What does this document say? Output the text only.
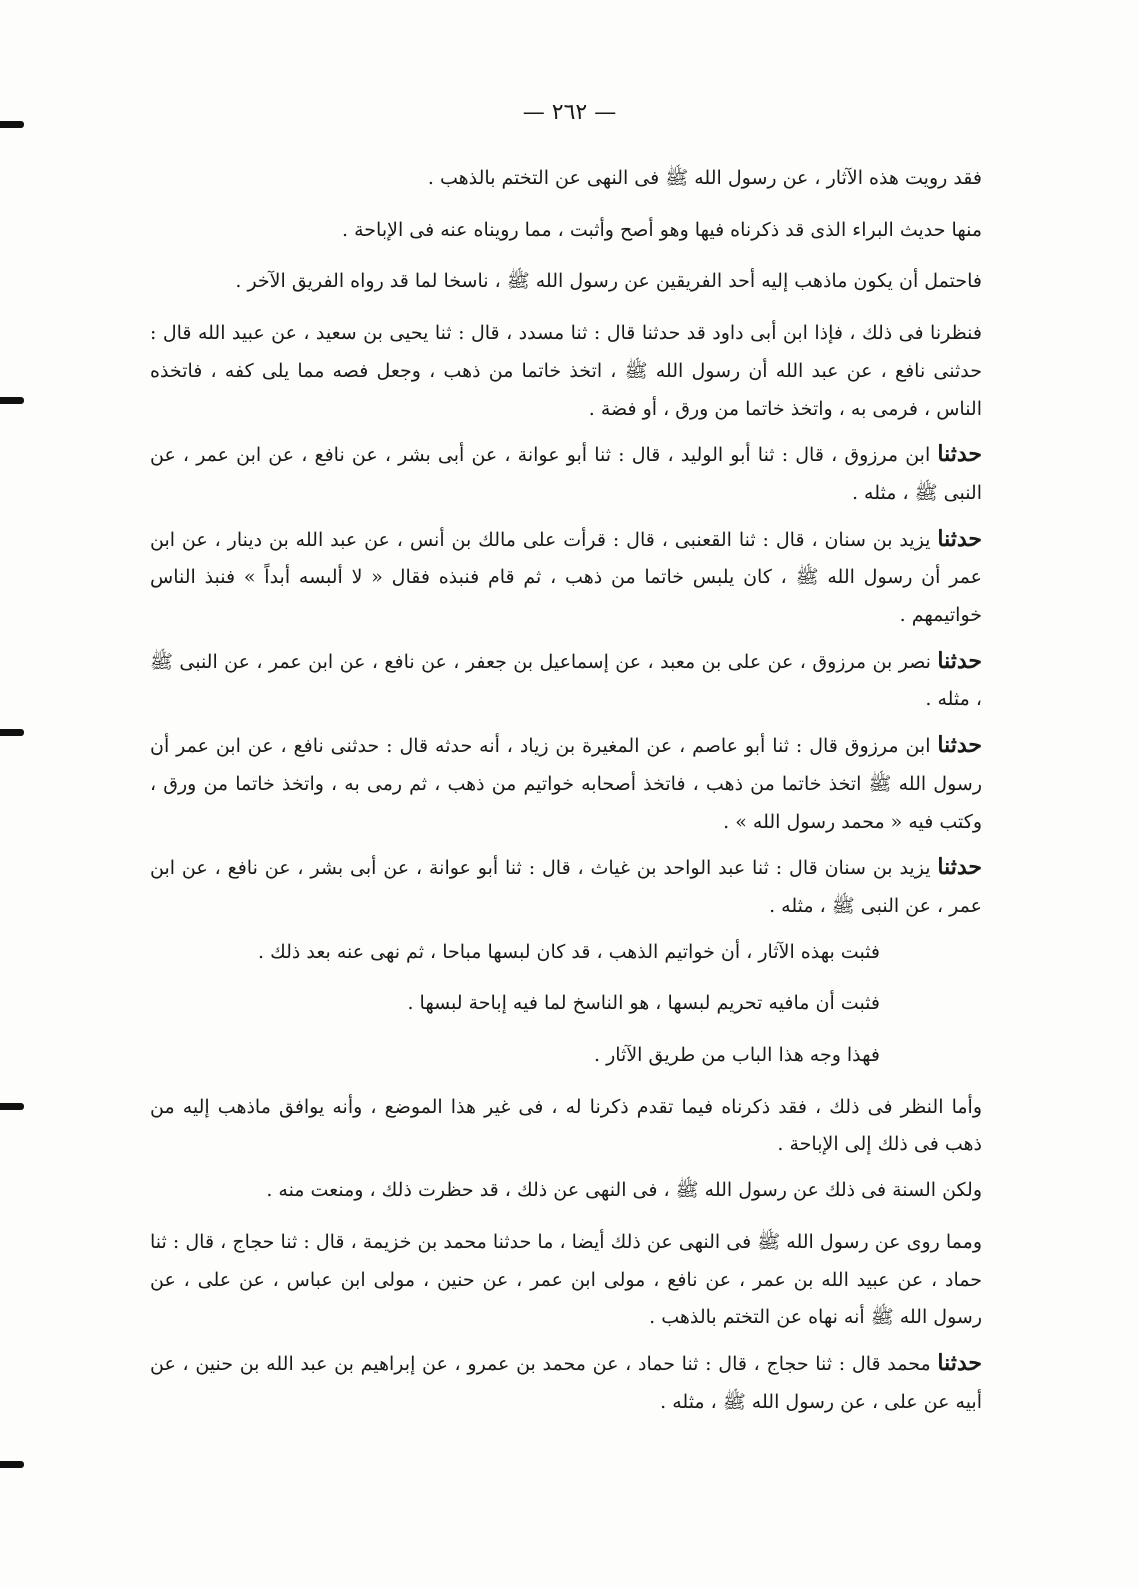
— ٢٦٢ —

فقد رويت هذه الآثار ، عن رسول الله ﷺ فى النهى عن التختم بالذهب .

منها حديث البراء الذى قد ذكرناه فيها وهو أصح وأثبت ، مما رويناه عنه فى الإباحة .

فاحتمل أن يكون ماذهب إليه أحد الفريقين عن رسول الله ﷺ ، ناسخا لما قد رواه الفريق الآخر .

فنظرنا فى ذلك ، فإذا ابن أبى داود قد حدثنا قال : ثنا مسدد ، قال : ثنا يحيى بن سعيد ، عن عبيد الله قال : حدثنى نافع ، عن عبد الله أن رسول الله ﷺ ، اتخذ خاتما من ذهب ، وجعل فصه مما يلى كفه ، فاتخذه الناس ، فرمى به ، واتخذ خاتما من ورق ، أو فضة .

حدثنا ابن مرزوق ، قال : ثنا أبو الوليد ، قال : ثنا أبو عوانة ، عن أبى بشر ، عن نافع ، عن ابن عمر ، عن النبى ﷺ ، مثله .

حدثنا يزيد بن سنان ، قال : ثنا القعنبى ، قال : قرأت على مالك بن أنس ، عن عبد الله بن دينار ، عن ابن عمر أن رسول الله ﷺ ، كان يلبس خاتما من ذهب ، ثم قام فنبذه فقال « لا ألبسه أبداً » فنبذ الناس خواتيمهم .

حدثنا نصر بن مرزوق ، عن على بن معبد ، عن إسماعيل بن جعفر ، عن نافع ، عن ابن عمر ، عن النبى ﷺ ، مثله .

حدثنا ابن مرزوق قال : ثنا أبو عاصم ، عن المغيرة بن زياد ، أنه حدثه قال : حدثنى نافع ، عن ابن عمر أن رسول الله ﷺ اتخذ خاتما من ذهب ، فاتخذ أصحابه خواتيم من ذهب ، ثم رمى به ، واتخذ خاتما من ورق ، وكتب فيه « محمد رسول الله » .

حدثنا يزيد بن سنان قال : ثنا عبد الواحد بن غياث ، قال : ثنا أبو عوانة ، عن أبى بشر ، عن نافع ، عن ابن عمر ، عن النبى ﷺ ، مثله .

فثبت بهذه الآثار ، أن خواتيم الذهب ، قد كان لبسها مباحا ، ثم نهى عنه بعد ذلك .

فثبت أن مافيه تحريم لبسها ، هو الناسخ لما فيه إباحة لبسها .

فهذا وجه هذا الباب من طريق الآثار .

وأما النظر فى ذلك ، فقد ذكرناه فيما تقدم ذكرنا له ، فى غير هذا الموضع ، وأنه يوافق ماذهب إليه من ذهب فى ذلك إلى الإباحة .

ولكن السنة فى ذلك عن رسول الله ﷺ ، فى النهى عن ذلك ، قد حظرت ذلك ، ومنعت منه .

ومما روى عن رسول الله ﷺ فى النهى عن ذلك أيضا ، ما حدثنا محمد بن خزيمة ، قال : ثنا حجاج ، قال : ثنا حماد ، عن عبيد الله بن عمر ، عن نافع ، مولى ابن عمر ، عن حنين ، مولى ابن عباس ، عن على ، عن رسول الله ﷺ أنه نهاه عن التختم بالذهب .

حدثنا محمد قال : ثنا حجاج ، قال : ثنا حماد ، عن محمد بن عمرو ، عن إبراهيم بن عبد الله بن حنين ، عن أبيه عن على ، عن رسول الله ﷺ ، مثله .
